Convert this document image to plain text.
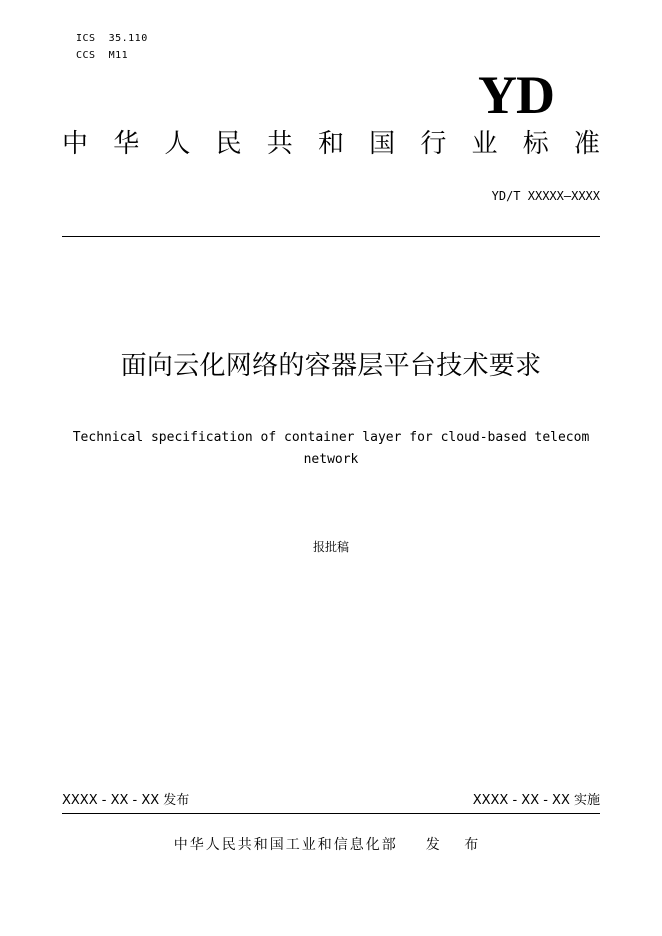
ICS  35.110
CCS  M11
YD
中 华 人 民 共 和 国 行 业 标 准
YD/T XXXXX—XXXX
面向云化网络的容器层平台技术要求
Technical specification of container layer for cloud-based telecom network
报批稿
XXXX - XX - XX 发布	XXXX - XX - XX 实施
中华人民共和国工业和信息化部 发 布
